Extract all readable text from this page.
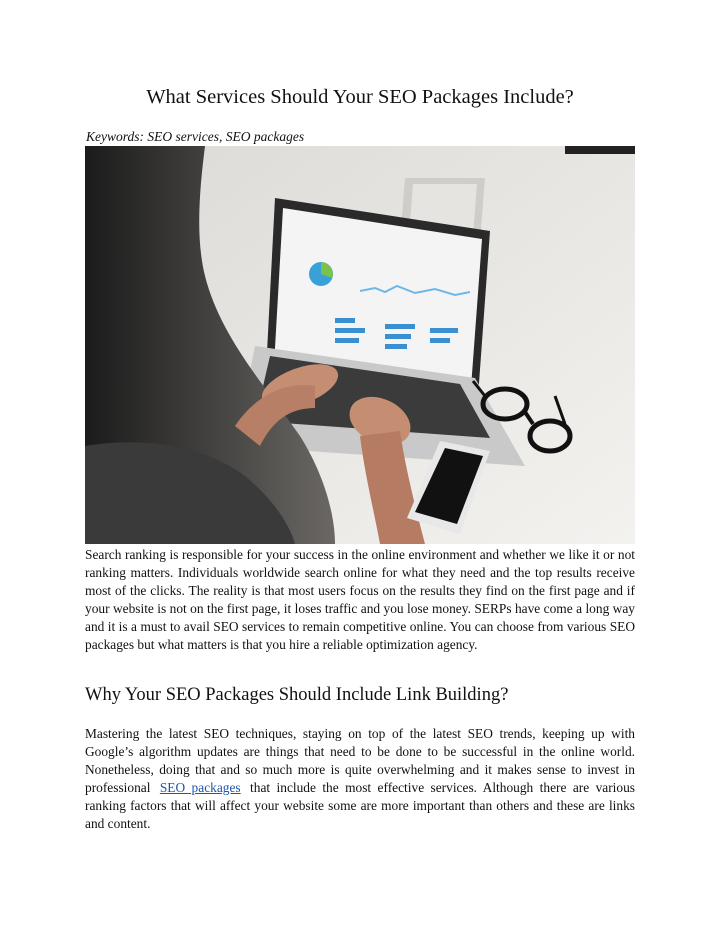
What Services Should Your SEO Packages Include?
Keywords: SEO services, SEO packages

Search ranking is responsible for your success in the online environment and whether we like it or not ranking matters. Individuals worldwide search online for what they need and the top results receive most of the clicks. The reality is that most users focus on the results they find on the first page and if your website is not on the first page, it loses traffic and you lose money. SERPs have come a long way and it is a must to avail SEO services to remain competitive online. You can choose from various SEO packages but what matters is that you hire a reliable optimization agency.

Why Your SEO Packages Should Include Link Building?

Mastering the latest SEO techniques, staying on top of the latest SEO trends, keeping up with Google’s algorithm updates are things that need to be done to be successful in the online world. Nonetheless, doing that and so much more is quite overwhelming and it makes sense to invest in professional SEO packages that include the most effective services. Although there are various ranking factors that will affect your website some are more important than others and these are links and content.
